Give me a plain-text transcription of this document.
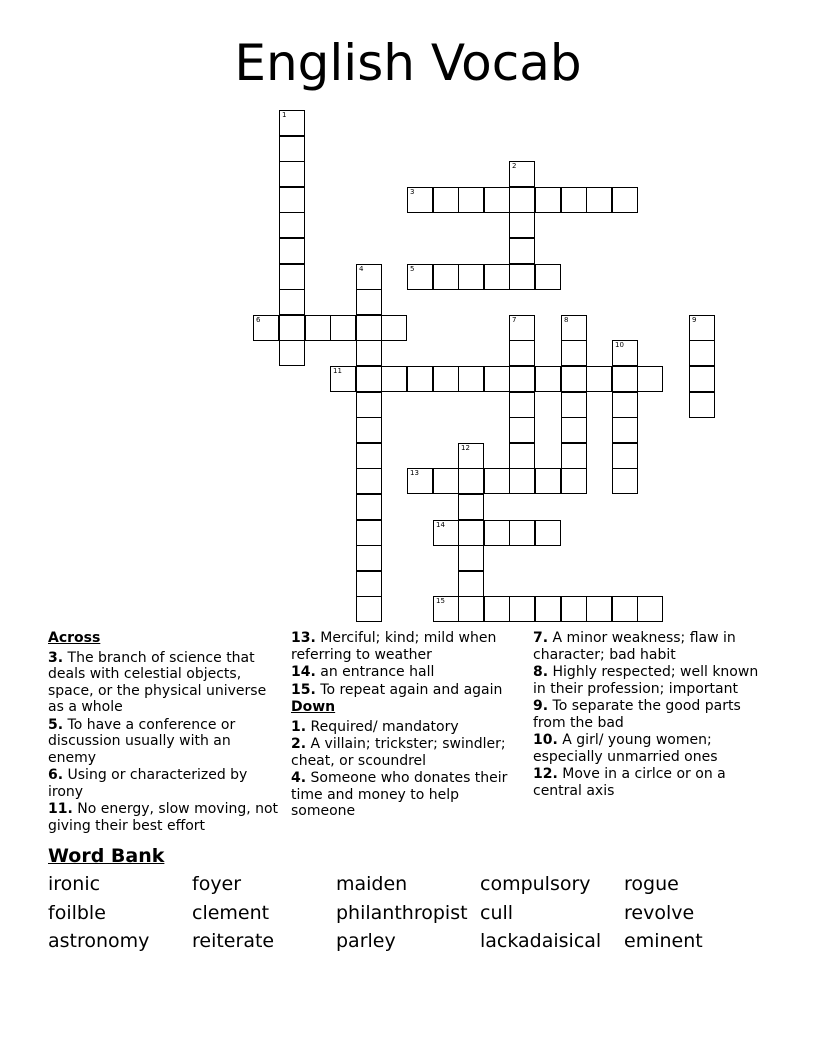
English Vocab
1
2
3
4	5
6	7	8	9
10
11
12
13
14
15
Across
3. The branch of science that deals with celestial objects, space, or the physical universe as a whole
5. To have a conference or discussion usually with an enemy
6. Using or characterized by irony
11. No energy, slow moving, not giving their best effort
13. Merciful; kind; mild when referring to weather
14. an entrance hall
15. To repeat again and again
Down
1. Required/ mandatory
2. A villain; trickster; swindler; cheat, or scoundrel
4. Someone who donates their time and money to help someone
7. A minor weakness; flaw in character; bad habit
8. Highly respected; well known in their profession; important
9. To separate the good parts from the bad
10. A girl/ young women; especially unmarried ones
12. Move in a cirlce or on a central axis
Word Bank
ironic	foyer	maiden	compulsory rogue
foilble	clement	philanthropist cull	revolve
astronomy reiterate	parley	lackadaisical eminent
